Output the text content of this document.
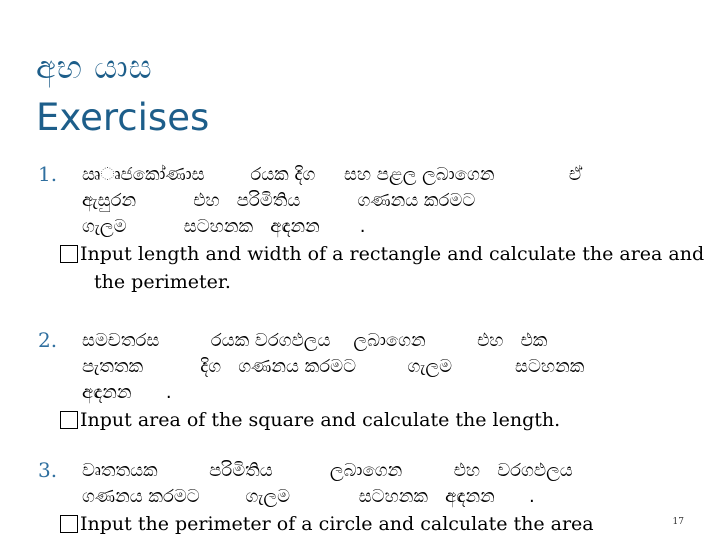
අභ යාස
Exercises
1. ඍෘජකෝණාස        රයක දිග     සහ පළල ලබාගෙන             ඒ
ඇසුරන          එහ   පරිමිතිය          ගණනය කරමට
ගැලම          සටහනක   අඳනන       .
Input length and width of a rectangle and calculate the area and the perimeter.
2. සමචතරස         රයක වරගඵලය    ලබාගෙන         එහ   එක
පැතතක          දිග   ගණනය කරමට         ගැලම           සටහනක
අඳනන      .
Input area of the square and calculate the length.
3. වෘතතයක         පරිමිතිය          ලබාගෙන         එහ   වරගඵලය
ගණනය කරමට        ගැලම            සටහනක   අඳනන      .
Input the perimeter of a circle and calculate the area	17
